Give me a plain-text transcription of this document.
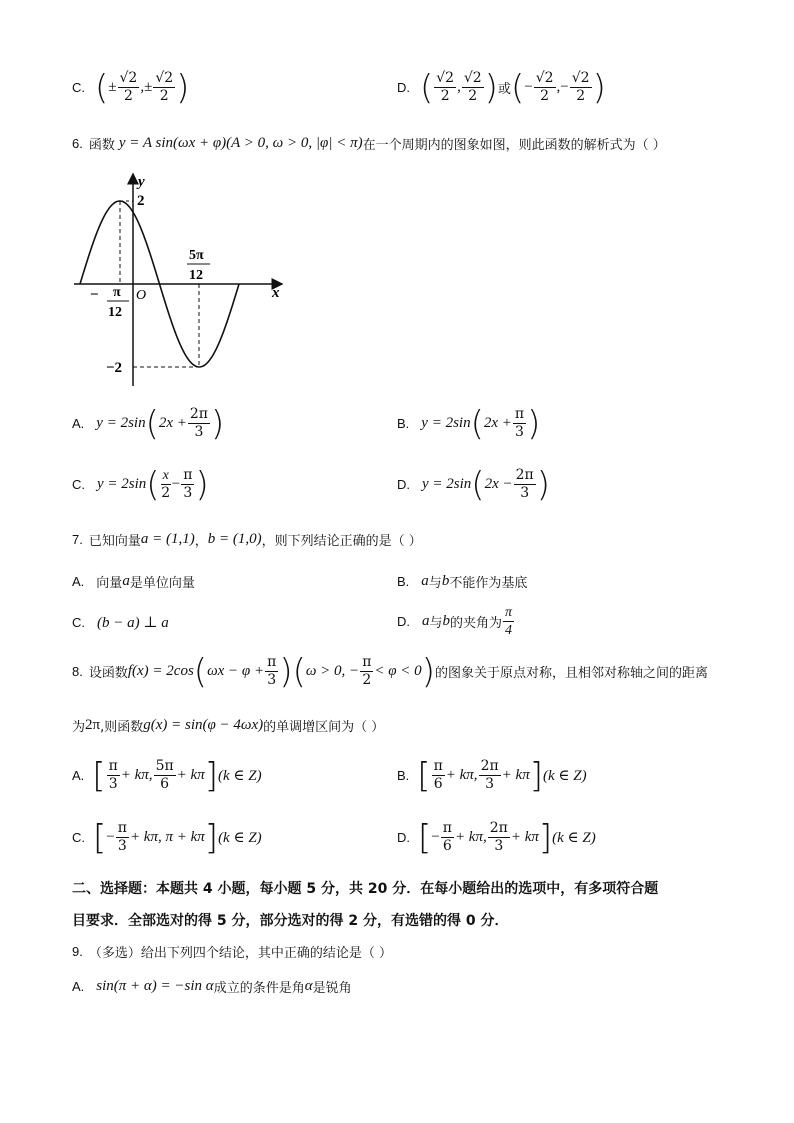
C. ( ± $\frac{√2}{2}$ ,± $\frac{√2}{2}$ )	D. ( $\frac{√2}{2}$ , $\frac{√2}{2}$ ) 或 ( − $\frac{√2}{2}$ ,− $\frac{√2}{2}$ )
6. 函数 y = A sin(ωx + φ)(A > 0, ω > 0, |φ| < π) 在一个周期内的图象如图，则此函数的解析式为（ ）
y
x
O
2
−2
− π
12
5π
12
A. y = 2sin ( $2x + \frac{2\pi}{3}$ )	B. y = 2sin ( $2x + \frac{\pi}{3}$ )
C. y = 2sin ( $\frac{x}{2} - \frac{\pi}{3}$ )	D. y = 2sin ( $2x - \frac{2\pi}{3}$ )
7. 已知向量 a = (1,1) ， b = (1,0) ，则下列结论正确的是（ ）
A. 向量 a 是单位向量	B. a 与 b 不能作为基底
C. (b − a) ⊥ a	D. a 与 b 的夹角为 $\frac{\pi}{4}$
8. 设函数 f(x) = 2cos ( $\omega x - \varphi + \frac{\pi}{3}$ ) ( ω > 0, − $\frac{\pi}{2} < \varphi < 0$ ) 的图象关于原点对称，且相邻对称轴之间的距离
为 2π ,则函数 g(x) = sin(φ − 4ωx) 的单调增区间为（ ）
A. [ $\frac{\pi}{3} + k\pi$, $\frac{5\pi}{6} + k\pi$ ] (k ∈ Z)	B. [ $\frac{\pi}{6} + k\pi$, $\frac{2\pi}{3} + k\pi$ ] (k ∈ Z)
C. [ − $\frac{\pi}{3} + k\pi$, π + kπ ] (k ∈ Z)	D. [ − $\frac{\pi}{6} + k\pi$, $\frac{2\pi}{3} + k\pi$ ] (k ∈ Z)
二、选择题：本题共 4 小题，每小题 5 分，共 20 分．在每小题给出的选项中，有多项符合题
目要求．全部选对的得 5 分，部分选对的得 2 分，有选错的得 0 分．
9. （多选）给出下列四个结论，其中正确的结论是（ ）
A. sin(π + α) = −sin α 成立的条件是角 α 是锐角
